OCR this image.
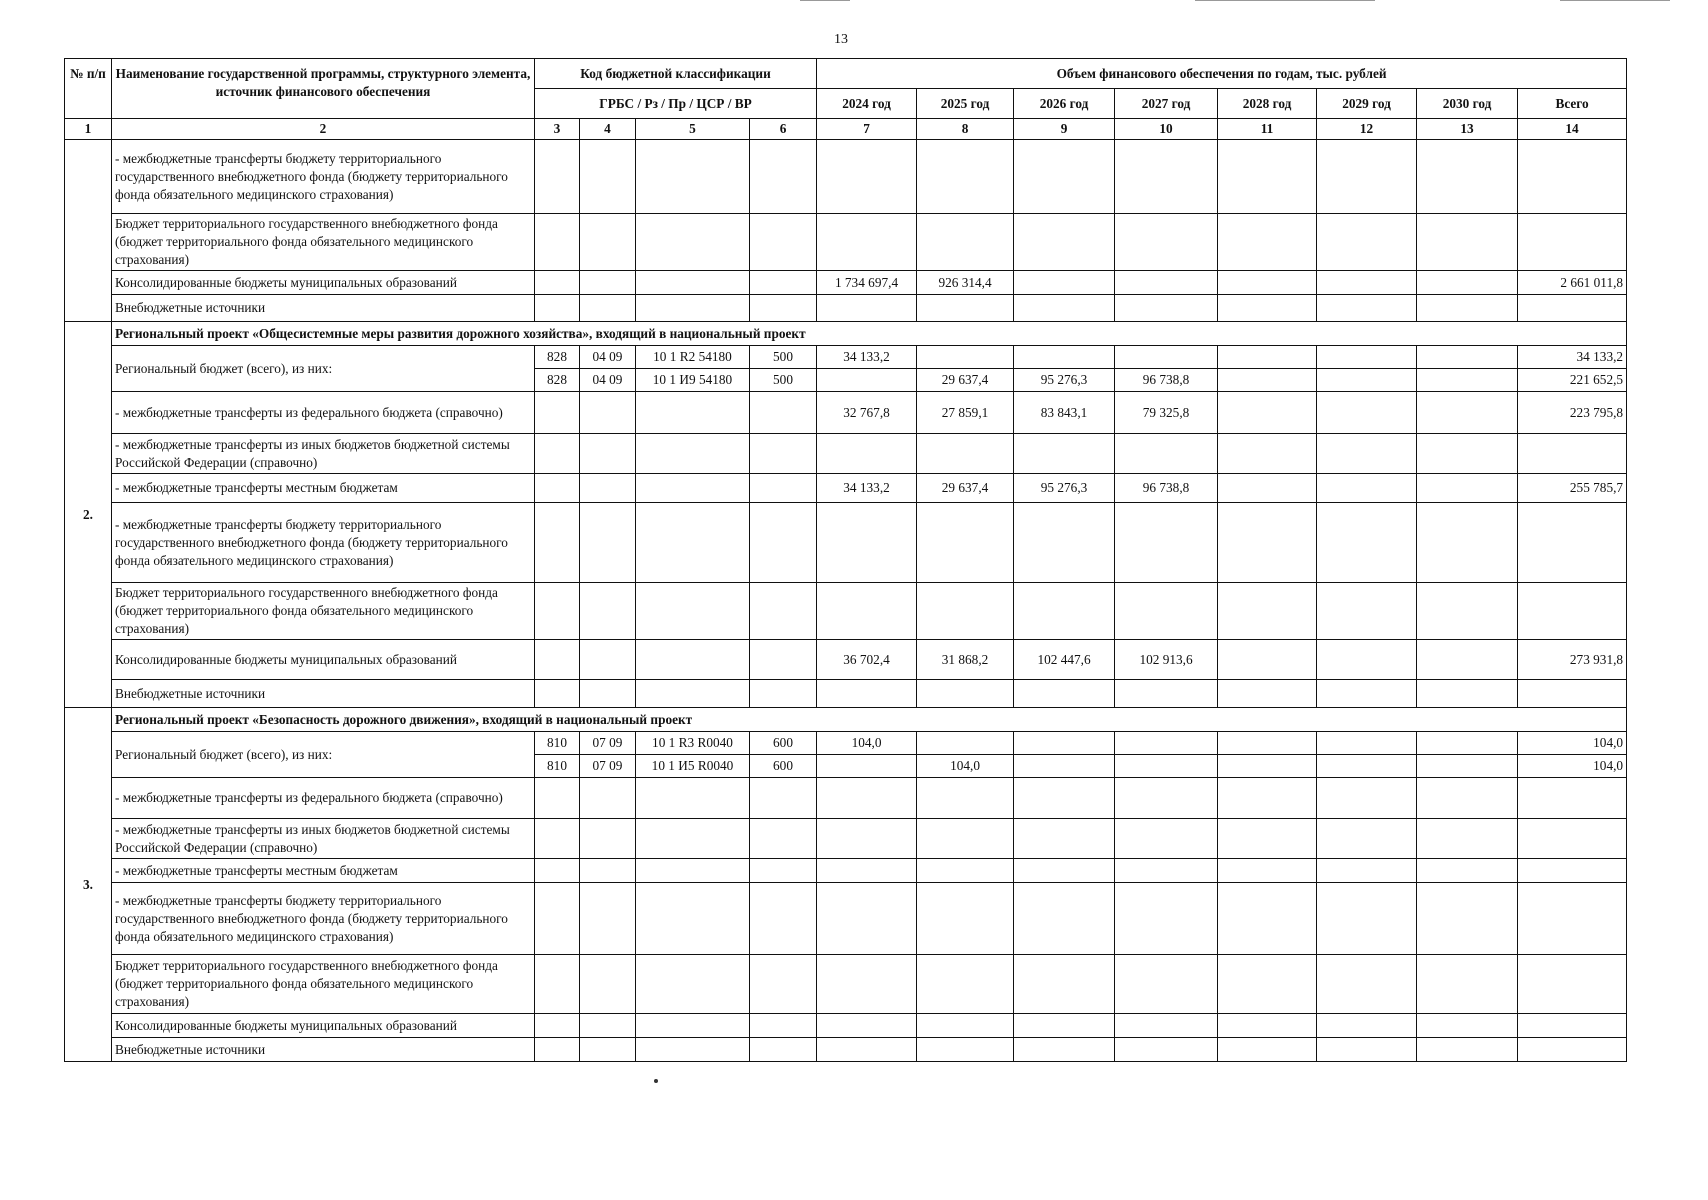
13
№ п/п	Наименование государственной программы, структурного элемента, источник финансового обеспечения	Код бюджетной классификации				Объем финансового обеспечения по годам, тыс. рублей							
		ГРБС / Рз / Пр / ЦСР / ВР				2024 год	2025 год	2026 год	2027 год	2028 год	2029 год	2030 год	Всего
1	2	3	4	5	6	7	8	9	10	11	12	13	14
	- межбюджетные трансферты бюджету территориального государственного внебюджетного фонда (бюджету территориального фонда обязательного медицинского страхования)												
	Бюджет территориального государственного внебюджетного фонда (бюджет территориального фонда обязательного медицинского страхования)												
	Консолидированные бюджеты муниципальных образований					1 734 697,4	926 314,4						2 661 011,8
	Внебюджетные источники												
2.	Региональный проект «Общесистемные меры развития дорожного хозяйства», входящий в национальный проект												
	Региональный бюджет (всего), из них:	828	04 09	10 1 R2 54180	500	34 133,2							34 133,2
		828	04 09	10 1 И9 54180	500		29 637,4	95 276,3	96 738,8				221 652,5
	- межбюджетные трансферты из федерального бюджета (справочно)					32 767,8	27 859,1	83 843,1	79 325,8				223 795,8
	- межбюджетные трансферты из иных бюджетов бюджетной системы Российской Федерации (справочно)												
	- межбюджетные трансферты местным бюджетам					34 133,2	29 637,4	95 276,3	96 738,8				255 785,7
	- межбюджетные трансферты бюджету территориального государственного внебюджетного фонда (бюджету территориального фонда обязательного медицинского страхования)												
	Бюджет территориального государственного внебюджетного фонда (бюджет территориального фонда обязательного медицинского страхования)												
	Консолидированные бюджеты муниципальных образований					36 702,4	31 868,2	102 447,6	102 913,6				273 931,8
	Внебюджетные источники												
3.	Региональный проект «Безопасность дорожного движения», входящий в национальный проект												
	Региональный бюджет (всего), из них:	810	07 09	10 1 R3 R0040	600	104,0							104,0
		810	07 09	10 1 И5 R0040	600		104,0						104,0
	- межбюджетные трансферты из федерального бюджета (справочно)												
	- межбюджетные трансферты из иных бюджетов бюджетной системы Российской Федерации (справочно)												
	- межбюджетные трансферты местным бюджетам												
	- межбюджетные трансферты бюджету территориального государственного внебюджетного фонда (бюджету территориального фонда обязательного медицинского страхования)												
	Бюджет территориального государственного внебюджетного фонда (бюджет территориального фонда обязательного медицинского страхования)												
	Консолидированные бюджеты муниципальных образований												
	Внебюджетные источники												
